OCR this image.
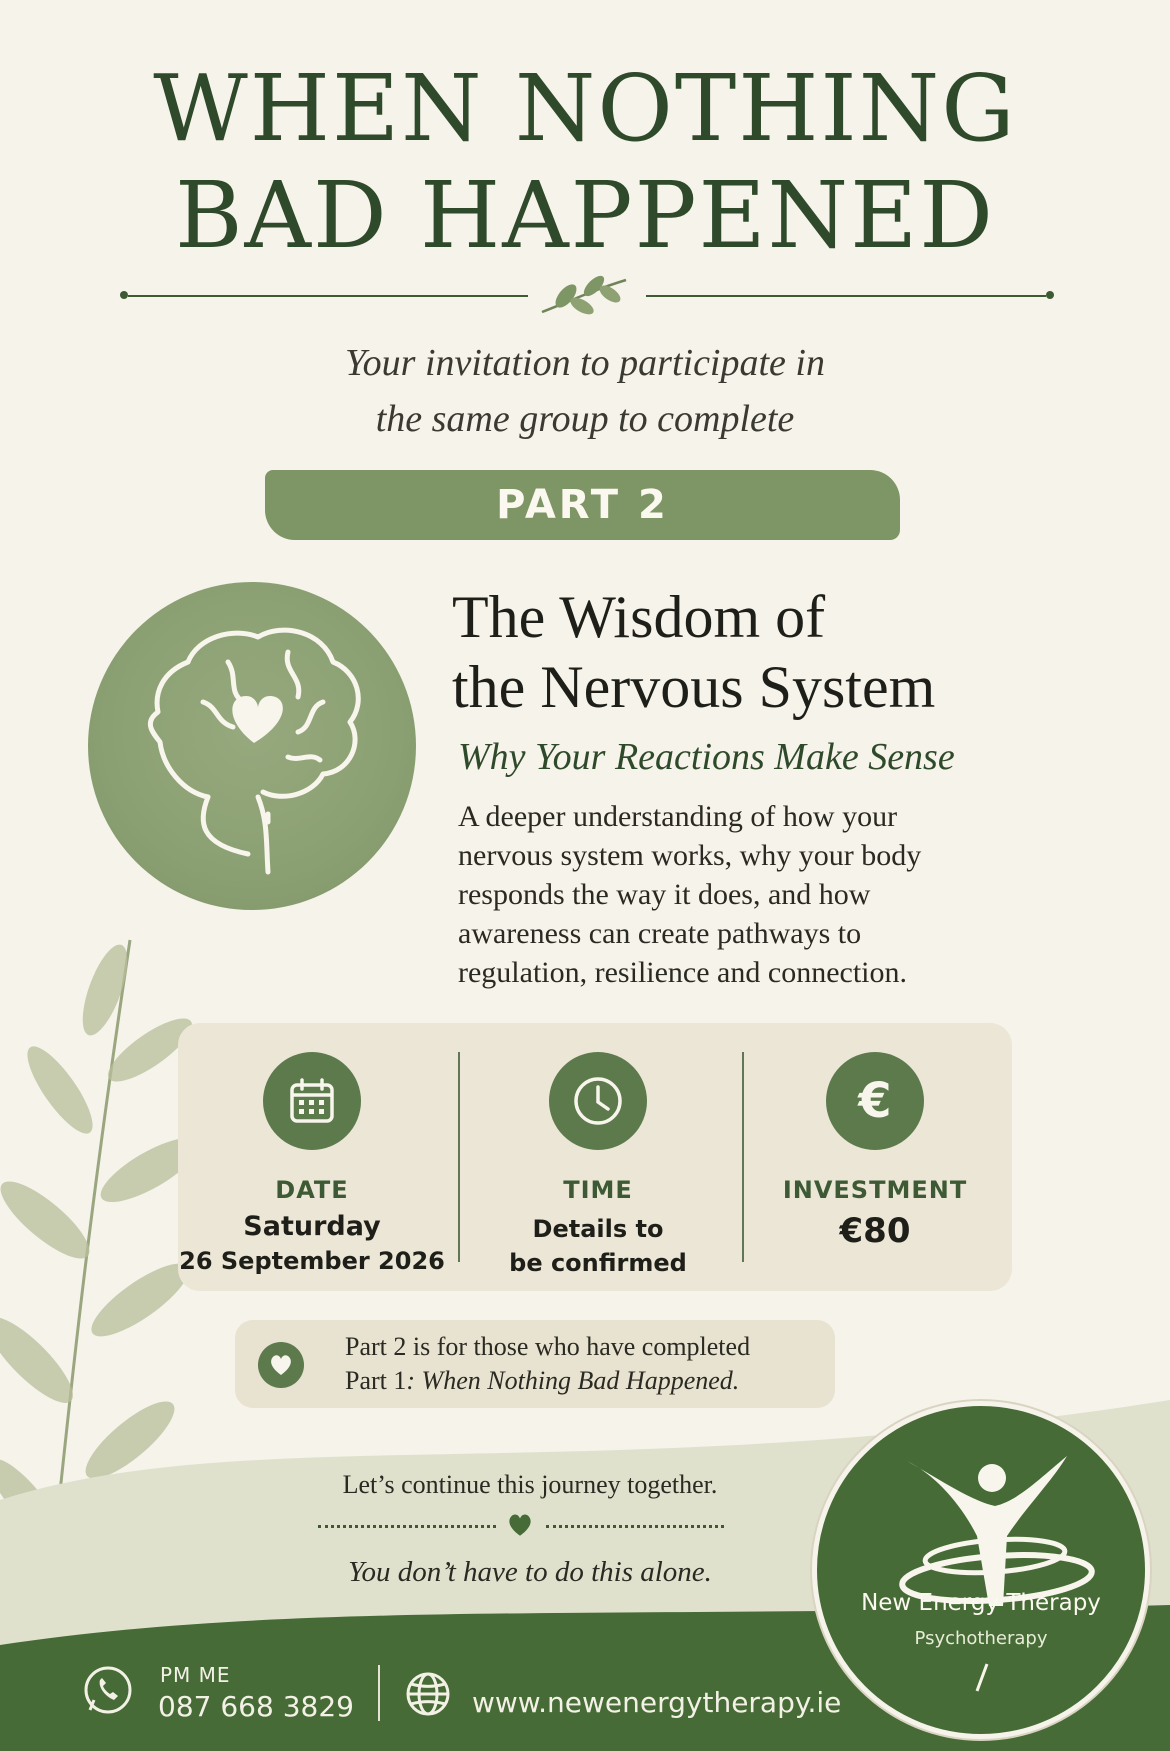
WHEN NOTHING
BAD HAPPENED
Your invitation to participate in
the same group to complete
PART 2
The Wisdom of
the Nervous System
Why Your Reactions Make Sense
A deeper understanding of how your
nervous system works, why your body
responds the way it does, and how
awareness can create pathways to
regulation, resilience and connection.
DATE
Saturday
26 September 2026
TIME
Details to
be confirmed
€
INVESTMENT
€80
Part 2 is for those who have completed
Part 1: When Nothing Bad Happened.
Let’s continue this journey together.
You don’t have to do this alone.
New Energy Therapy
Psychotherapy
PM ME
087 668 3829	www.newenergytherapy.ie
